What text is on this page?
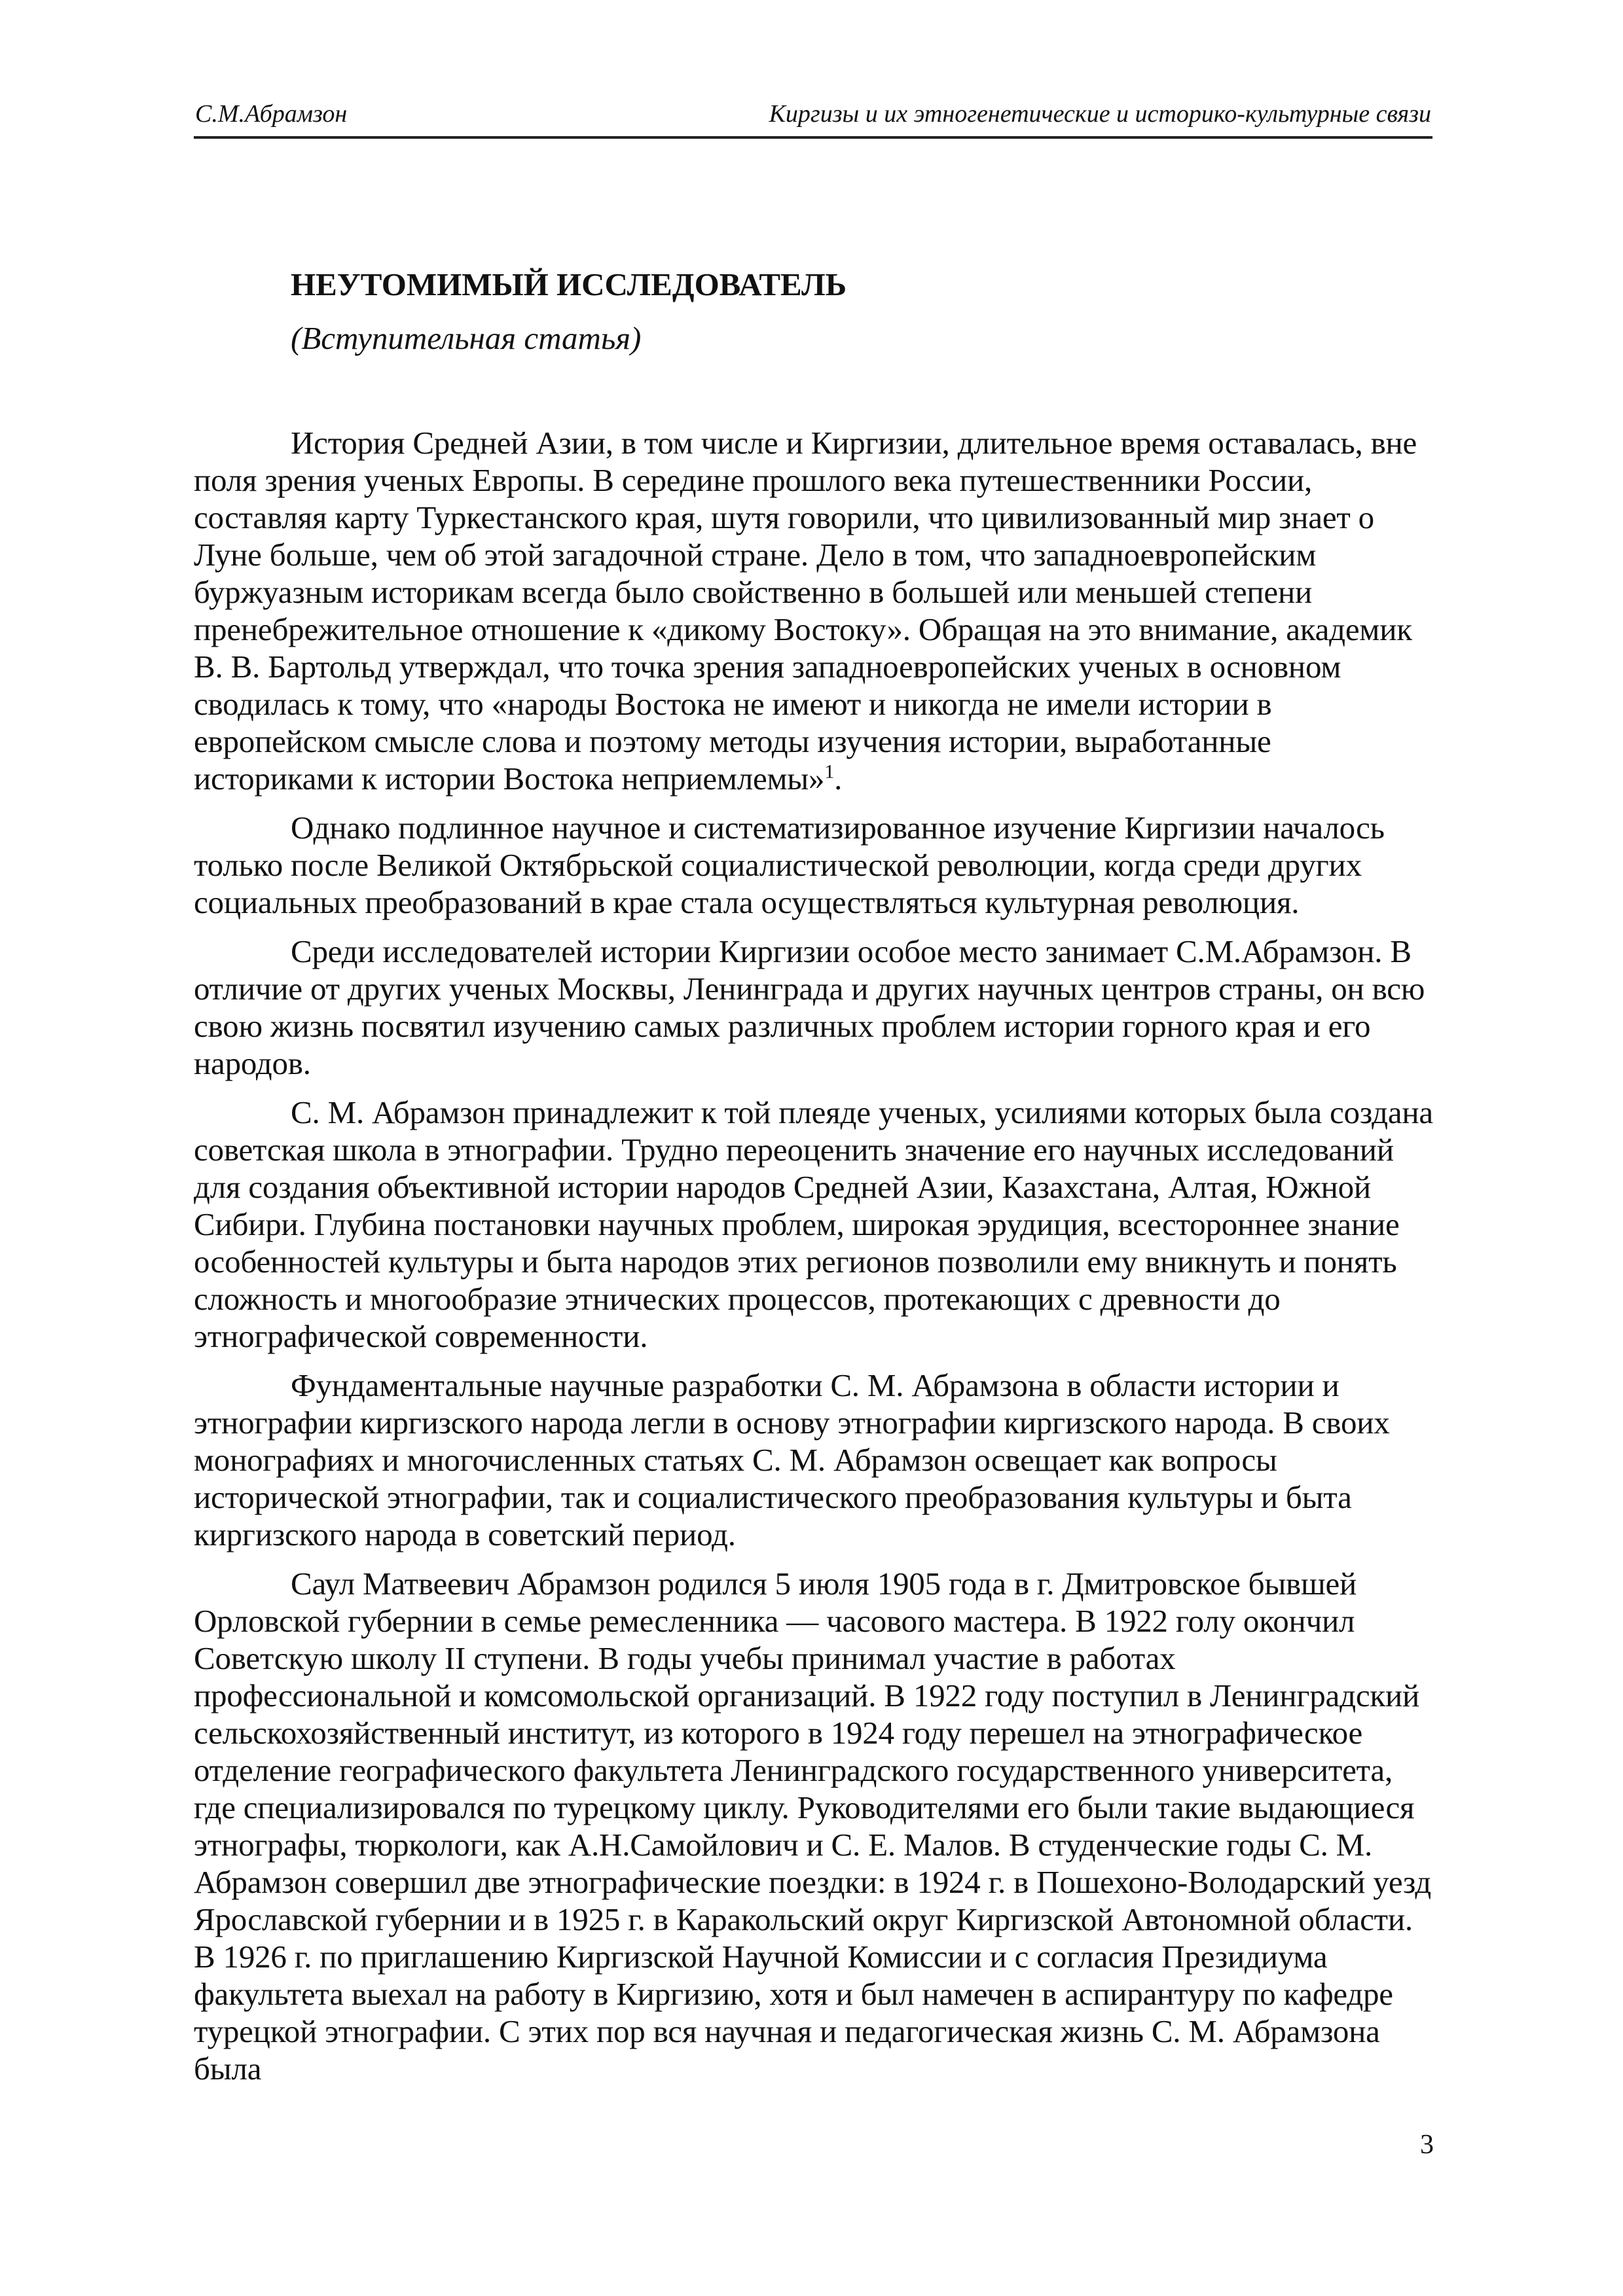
С.М.Абрамзон	Киргизы и их этногенетические и историко-культурные связи
НЕУТОМИМЫЙ ИССЛЕДОВАТЕЛЬ

(Вступительная статья)

История Средней Азии, в том числе и Киргизии, длительное время оставалась, вне поля зрения ученых Европы. В середине прошлого века путешественники России, составляя карту Туркестанского края, шутя говорили, что цивилизованный мир знает о Луне больше, чем об этой загадочной стране. Дело в том, что западноевропейским буржуазным историкам всегда было свойственно в большей или меньшей степени пренебрежительное отношение к «дикому Востоку». Обращая на это внимание, академик В. В. Бартольд утверждал, что точка зрения западноевропейских ученых в основном сводилась к тому, что «народы Востока не имеют и никогда не имели истории в европейском смысле слова и поэтому методы изучения истории, выработанные историками к истории Востока неприемлемы»$^1$.

Однако подлинное научное и систематизированное изучение Киргизии началось только после Великой Октябрьской социалистической революции, когда среди других социальных преобразований в крае стала осуществляться культурная революция.

Среди исследователей истории Киргизии особое место занимает С.М.Абрамзон. В отличие от других ученых Москвы, Ленинграда и других научных центров страны, он всю свою жизнь посвятил изучению самых различных проблем истории горного края и его народов.

С. М. Абрамзон принадлежит к той плеяде ученых, усилиями которых была создана советская школа в этнографии. Трудно переоценить значение его научных исследований для создания объективной истории народов Средней Азии, Казахстана, Алтая, Южной Сибири. Глубина постановки научных проблем, широкая эрудиция, всестороннее знание особенностей культуры и быта народов этих регионов позволили ему вникнуть и понять сложность и многообразие этнических процессов, протекающих с древности до этнографической современности.

Фундаментальные научные разработки С. М. Абрамзона в области истории и этнографии киргизского народа легли в основу этнографии киргизского народа. В своих монографиях и многочисленных статьях С. М. Абрамзон освещает как вопросы исторической этнографии, так и социалистического преобразования культуры и быта киргизского народа в советский период.

Саул Матвеевич Абрамзон родился 5 июля 1905 года в г. Дмитровское бывшей Орловской губернии в семье ремесленника — часового мастера. В 1922 голу окончил Советскую школу II ступени. В годы учебы принимал участие в работах профессиональной и комсомольской организаций. В 1922 году поступил в Ленинградский сельскохозяйственный институт, из которого в 1924 году перешел на этнографическое отделение географического факультета Ленинградского государственного университета, где специализировался по турецкому циклу. Руководителями его были такие выдающиеся этнографы, тюркологи, как А.Н.Самойлович и С. Е. Малов. В студенческие годы С. М. Абрамзон совершил две этнографические поездки: в 1924 г. в Пошехоно-Володарский уезд Ярославской губернии и в 1925 г. в Каракольский округ Киргизской Автономной области. В 1926 г. по приглашению Киргизской Научной Комиссии и с согласия Президиума факультета выехал на работу в Киргизию, хотя и был намечен в аспирантуру по кафедре турецкой этнографии. С этих пор вся научная и педагогическая жизнь С. М. Абрамзона была

3
